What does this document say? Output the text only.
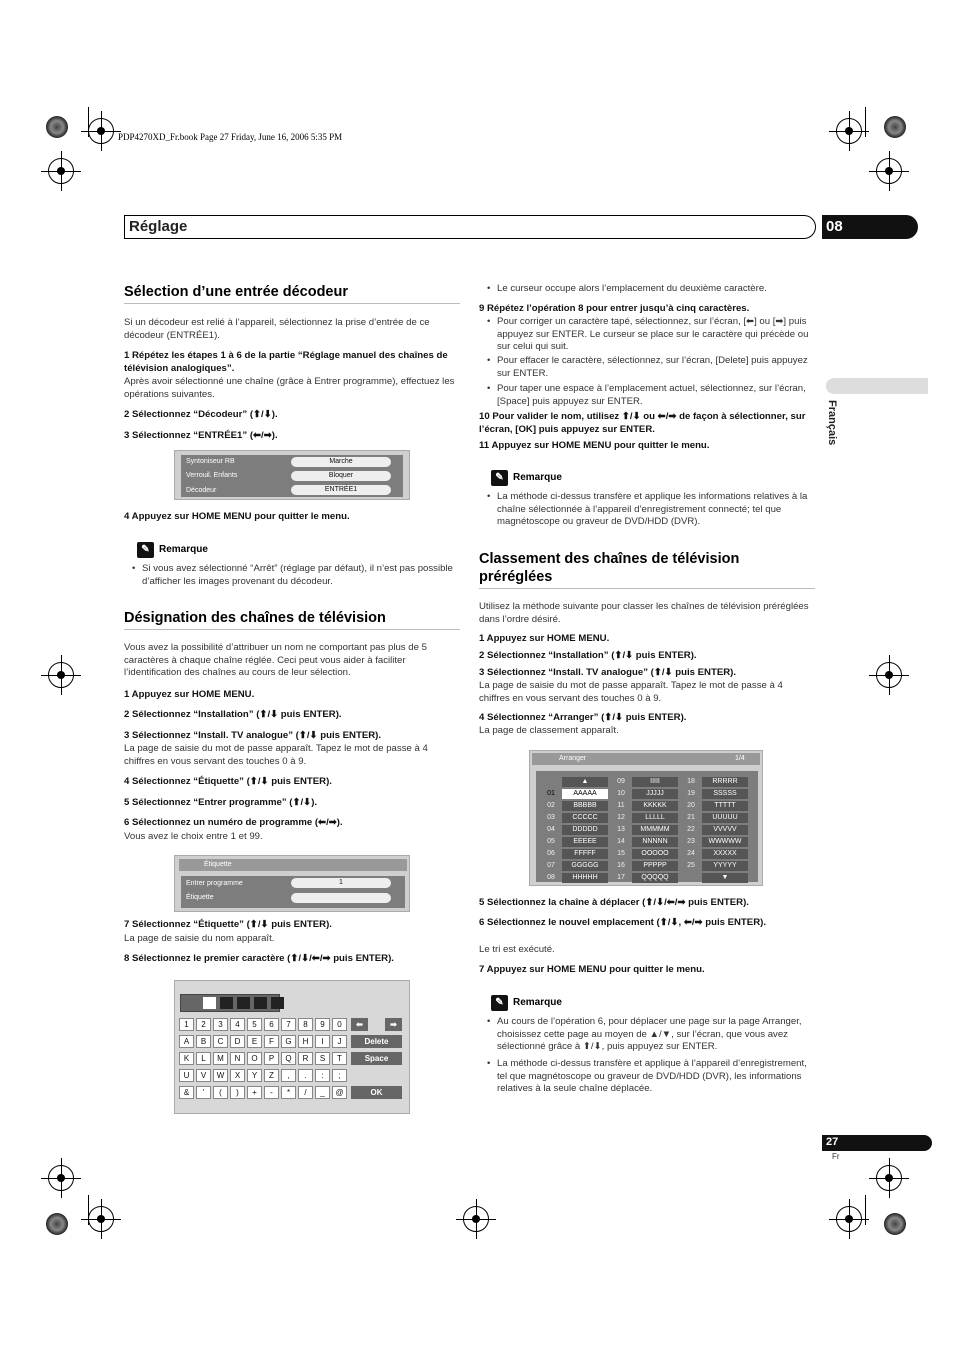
PDP4270XD_Fr.book Page 27 Friday, June 16, 2006 5:35 PM
Réglage	08
Français
Sélection d’une entrée décodeur
Si un décodeur est relié à l’appareil, sélectionnez la prise d’entrée de ce décodeur (ENTRÉE1).
1 Répétez les étapes 1 à 6 de la partie “Réglage manuel des chaînes de télévision analogiques”.
Après avoir sélectionné une chaîne (grâce à Entrer programme), effectuez les opérations suivantes.
2 Sélectionnez “Décodeur” (⬆/⬇).
3 Sélectionnez “ENTRÉE1” (⬅/➡).
Syntoniseur RB	Marche
Verrouil. Enfants	Bloquer
Décodeur	ENTRÉE1
4 Appuyez sur HOME MENU pour quitter le menu.
✎ Remarque
• Si vous avez sélectionné “Arrêt” (réglage par défaut), il n’est pas possible d’afficher les images provenant du décodeur.
Désignation des chaînes de télévision
Vous avez la possibilité d’attribuer un nom ne comportant pas plus de 5 caractères à chaque chaîne réglée. Ceci peut vous aider à faciliter l’identification des chaînes au cours de leur sélection.
1 Appuyez sur HOME MENU.
2 Sélectionnez “Installation” (⬆/⬇ puis ENTER).
3 Sélectionnez “Install. TV analogue” (⬆/⬇ puis ENTER).
La page de saisie du mot de passe apparaît. Tapez le mot de passe à 4 chiffres en vous servant des touches 0 à 9.
4 Sélectionnez “Étiquette” (⬆/⬇ puis ENTER).
5 Sélectionnez “Entrer programme” (⬆/⬇).
6 Sélectionnez un numéro de programme (⬅/➡).
Vous avez le choix entre 1 et 99.
Étiquette
Entrer programme	1
Étiquette
7 Sélectionnez “Étiquette” (⬆/⬇ puis ENTER).
La page de saisie du nom apparaît.
8 Sélectionnez le premier caractère (⬆/⬇/⬅/➡ puis ENTER).
1	2	3	4	5	6	7	8	9	0
A	B	C	D	E	F	G	H	I	J
K	L	M	N	O	P	Q	R	S	T
U	V	W	X	Y	Z	,	.	:	;
&	'	(	)	+	-	*	/	_	@
⬅	➡
Delete
Space
OK
• Le curseur occupe alors l’emplacement du deuxième caractère.
9 Répétez l’opération 8 pour entrer jusqu’à cinq caractères.
• Pour corriger un caractère tapé, sélectionnez, sur l’écran, [⬅] ou [➡] puis appuyez sur ENTER. Le curseur se place sur le caractère qui précède ou sur celui qui suit.
• Pour effacer le caractère, sélectionnez, sur l’écran, [Delete] puis appuyez sur ENTER.
• Pour taper une espace à l’emplacement actuel, sélectionnez, sur l’écran, [Space] puis appuyez sur ENTER.
10 Pour valider le nom, utilisez ⬆/⬇ ou ⬅/➡ de façon à sélectionner, sur l’écran, [OK] puis appuyez sur ENTER.
11 Appuyez sur HOME MENU pour quitter le menu.
✎ Remarque
• La méthode ci-dessus transfère et applique les informations relatives à la chaîne sélectionnée à l’appareil d’enregistrement connecté; tel que magnétoscope ou graveur de DVD/HDD (DVR).
Classement des chaînes de télévision préréglées
Utilisez la méthode suivante pour classer les chaînes de télévision préréglées dans l’ordre désiré.
1 Appuyez sur HOME MENU.
2 Sélectionnez “Installation” (⬆/⬇ puis ENTER).
3 Sélectionnez “Install. TV analogue” (⬆/⬇ puis ENTER).
La page de saisie du mot de passe apparaît. Tapez le mot de passe à 4 chiffres en vous servant des touches 0 à 9.
4 Sélectionnez “Arranger” (⬆/⬇ puis ENTER).
La page de classement apparaît.
Arranger	1/4
▲
01	AAAAA
02	BBBBB
03	CCCCC
04	DDDDD
05	EEEEE
06	FFFFF
07	GGGGG
08	HHHHH
09	IIIII
10	JJJJJ
11	KKKKK
12	LLLLL
13	MMMMM
14	NNNNN
15	OOOOO
16	PPPPP
17	QQQQQ
18	RRRRR
19	SSSSS
20	TTTTT
21	UUUUU
22	VVVVV
23	WWWWW
24	XXXXX
25	YYYYY
▼
5 Sélectionnez la chaîne à déplacer (⬆/⬇/⬅/➡ puis ENTER).
6 Sélectionnez le nouvel emplacement (⬆/⬇, ⬅/➡ puis ENTER).
Le tri est exécuté.
7 Appuyez sur HOME MENU pour quitter le menu.
✎ Remarque
• Au cours de l’opération 6, pour déplacer une page sur la page Arranger, choisissez cette page au moyen de ▲/▼, sur l’écran, que vous avez sélectionné grâce à ⬆/⬇, puis appuyez sur ENTER.
• La méthode ci-dessus transfère et applique à l’appareil d’enregistrement, tel que magnétoscope ou graveur de DVD/HDD (DVR), les informations relatives à la seule chaîne déplacée.
27
Fr
